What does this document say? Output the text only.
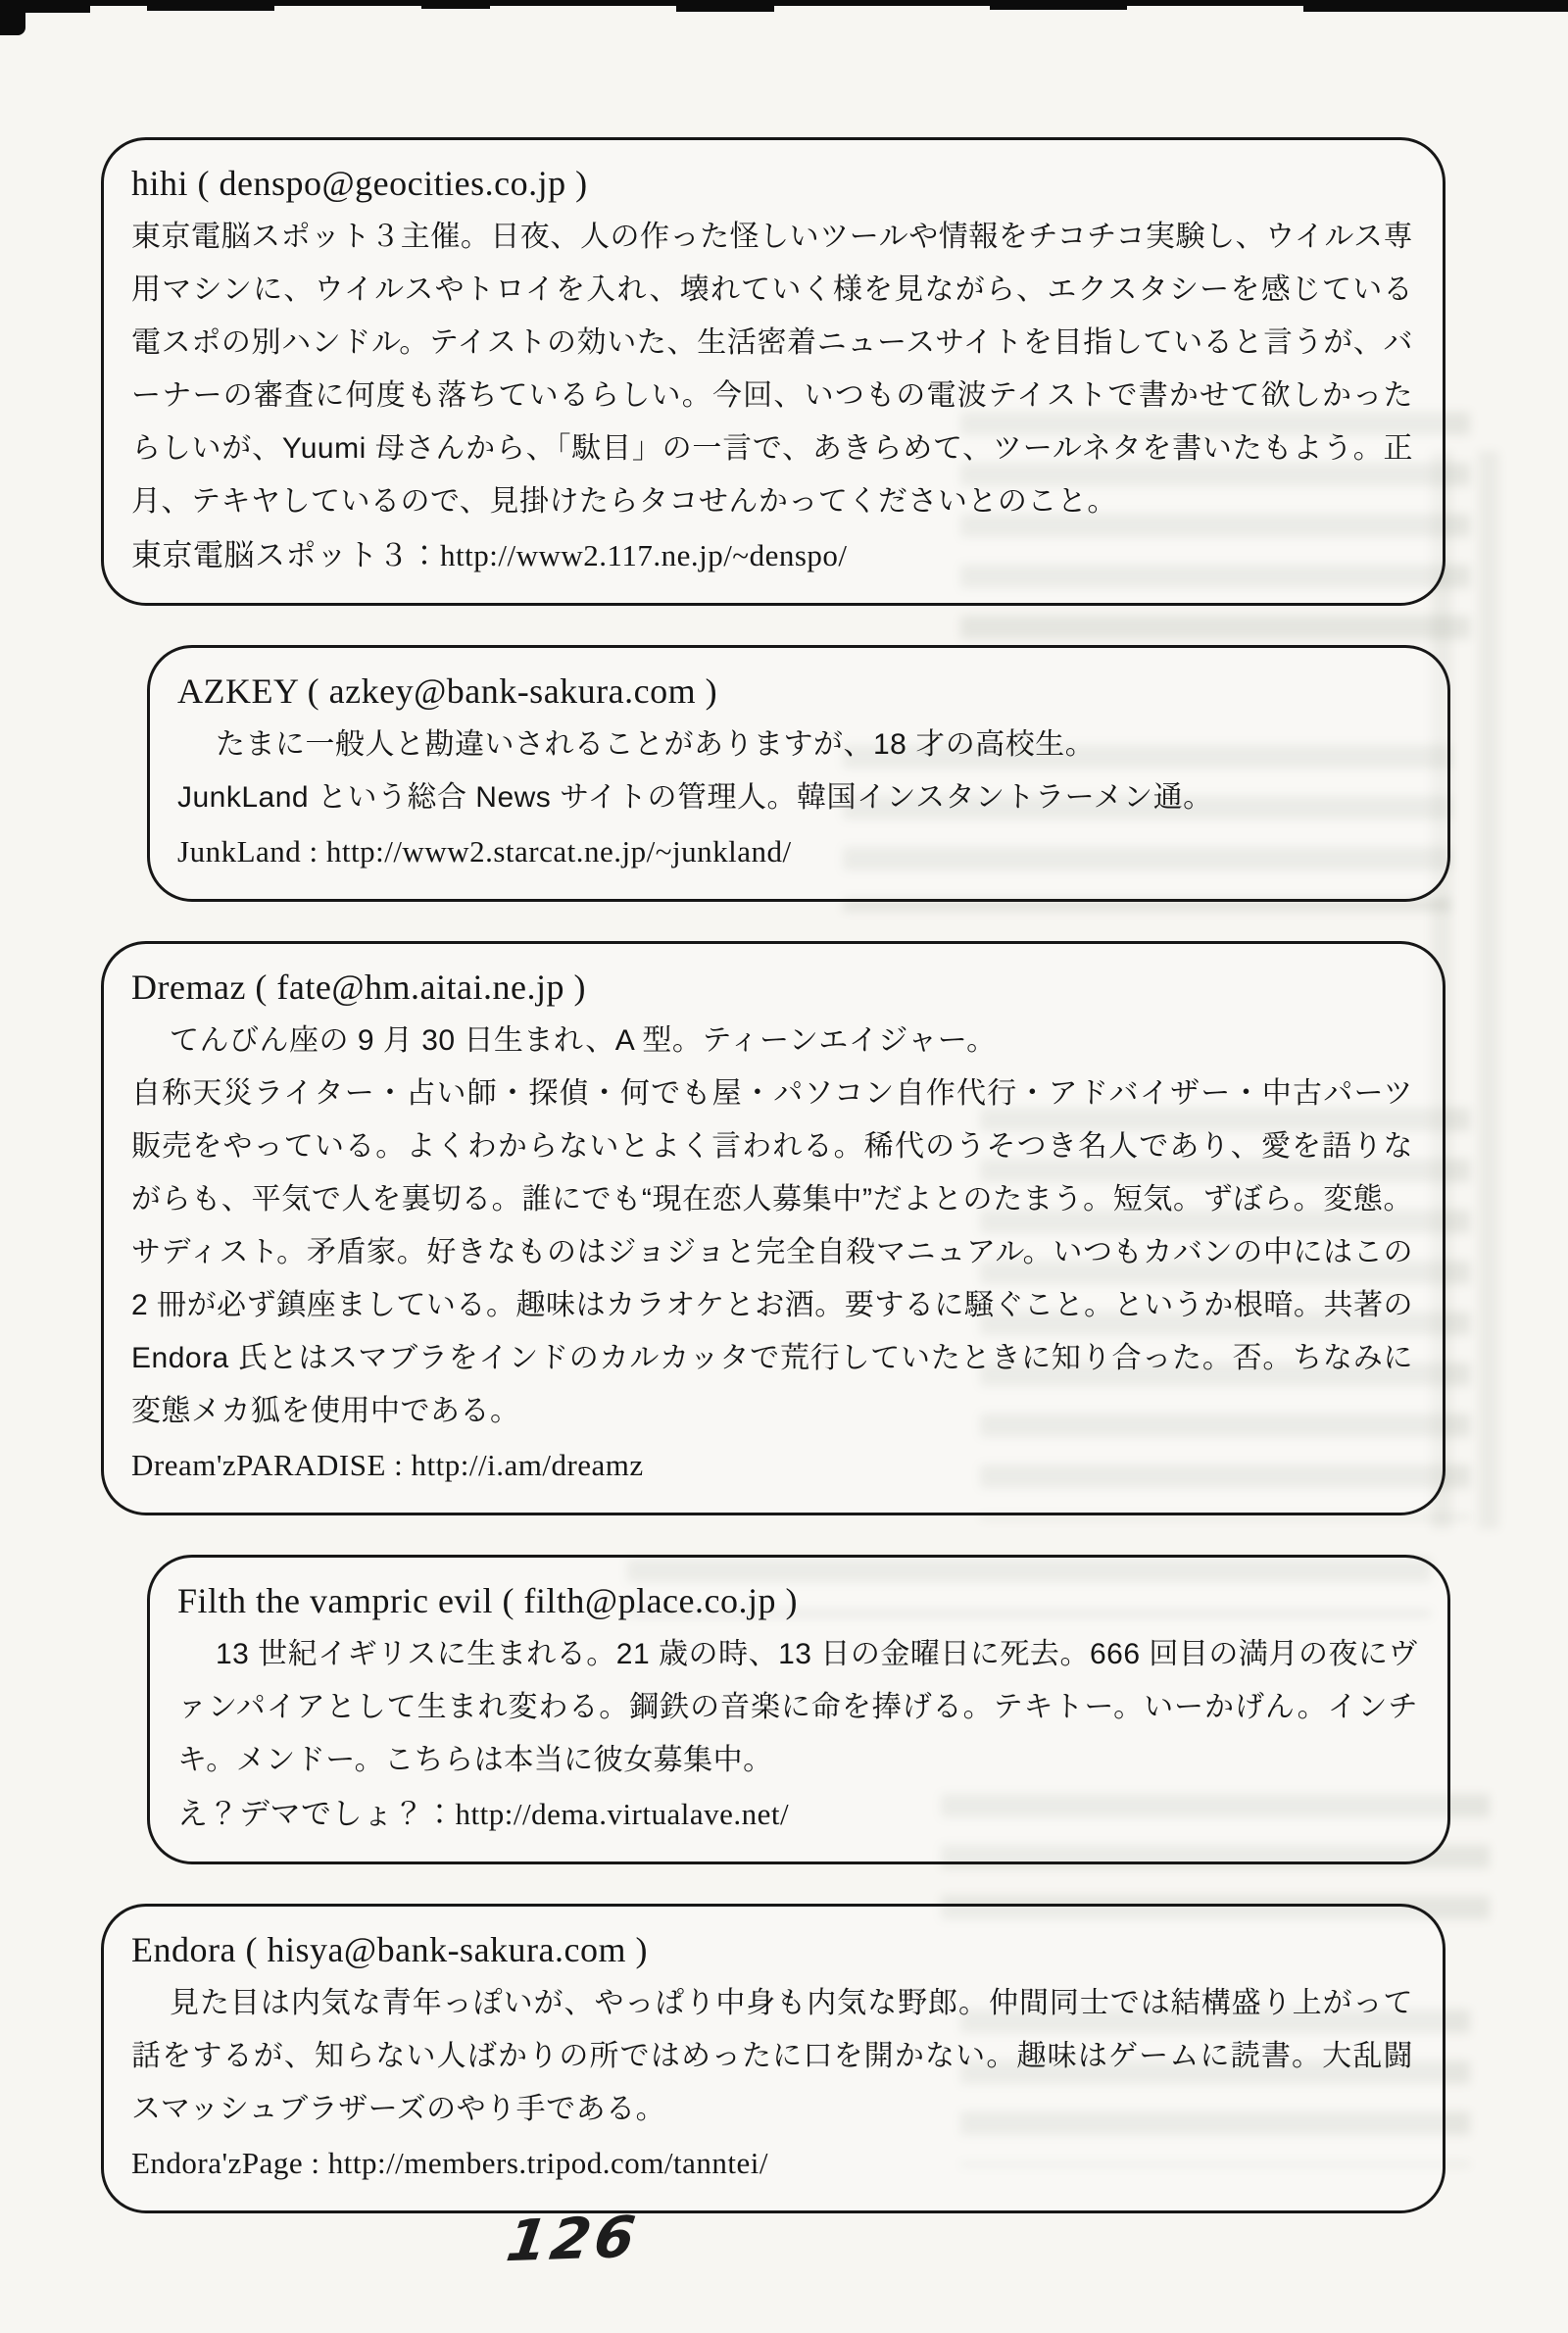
hihi ( denspo@geocities.co.jp )

東京電脳スポット３主催。日夜、人の作った怪しいツールや情報をチコチコ実験し、ウイルス専用マシンに、ウイルスやトロイを入れ、壊れていく様を見ながら、エクスタシーを感じている電スポの別ハンドル。テイストの効いた、生活密着ニュースサイトを目指していると言うが、バーナーの審査に何度も落ちているらしい。今回、いつもの電波テイストで書かせて欲しかったらしいが、Yuumi 母さんから、「駄目」の一言で、あきらめて、ツールネタを書いたもよう。正月、テキヤしているので、見掛けたらタコせんかってくださいとのこと。

東京電脳スポット３：http://www2.117.ne.jp/~denspo/
AZKEY ( azkey@bank-sakura.com )

たまに一般人と勘違いされることがありますが、18 才の高校生。

JunkLand という総合 News サイトの管理人。韓国インスタントラーメン通。

JunkLand : http://www2.starcat.ne.jp/~junkland/
Dremaz ( fate@hm.aitai.ne.jp )

てんびん座の 9 月 30 日生まれ、A 型。ティーンエイジャー。

自称天災ライター・占い師・探偵・何でも屋・パソコン自作代行・アドバイザー・中古パーツ販売をやっている。よくわからないとよく言われる。稀代のうそつき名人であり、愛を語りながらも、平気で人を裏切る。誰にでも“現在恋人募集中”だよとのたまう。短気。ずぼら。変態。サディスト。矛盾家。好きなものはジョジョと完全自殺マニュアル。いつもカバンの中にはこの 2 冊が必ず鎮座ましている。趣味はカラオケとお酒。要するに騒ぐこと。というか根暗。共著の Endora 氏とはスマブラをインドのカルカッタで荒行していたときに知り合った。否。ちなみに変態メカ狐を使用中である。

Dream'zPARADISE : http://i.am/dreamz
Filth the vampric evil ( filth@place.co.jp )

13 世紀イギリスに生まれる。21 歳の時、13 日の金曜日に死去。666 回目の満月の夜にヴァンパイアとして生まれ変わる。鋼鉄の音楽に命を捧げる。テキトー。いーかげん。インチキ。メンドー。こちらは本当に彼女募集中。

え？デマでしょ？：http://dema.virtualave.net/
Endora ( hisya@bank-sakura.com )

見た目は内気な青年っぽいが、やっぱり中身も内気な野郎。仲間同士では結構盛り上がって話をするが、知らない人ばかりの所ではめったに口を開かない。趣味はゲームに読書。大乱闘スマッシュブラザーズのやり手である。

Endora'zPage : http://members.tripod.com/tanntei/
126
